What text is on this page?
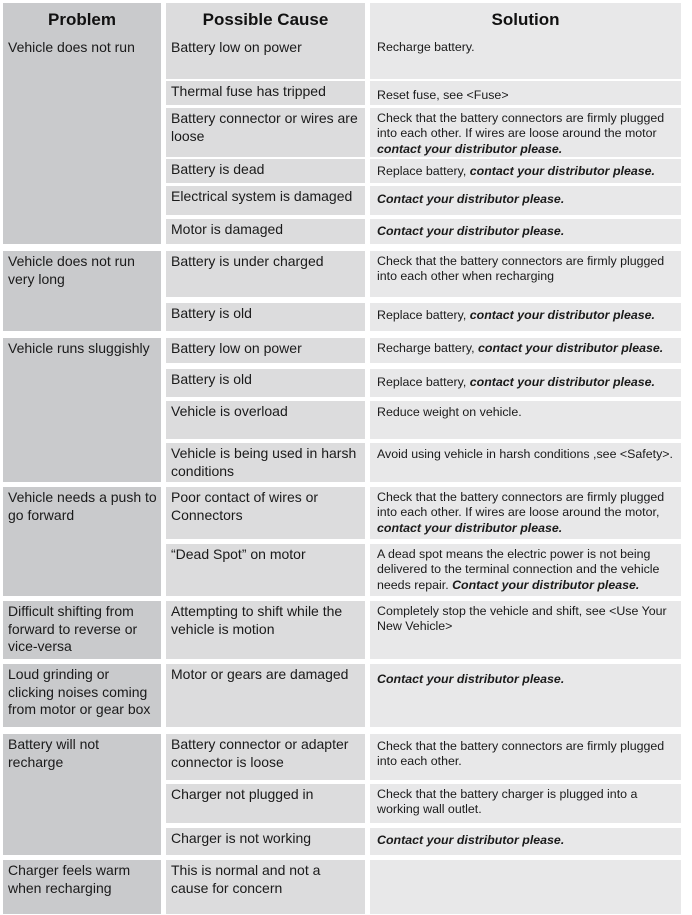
Problem	Possible Cause	Solution
Vehicle does not run
Vehicle does not run very long
Vehicle runs sluggishly
Vehicle needs a push to go forward
Difficult shifting from forward to reverse or vice-versa
Loud grinding or clicking noises coming from motor or gear box
Battery will not recharge
Charger feels warm when recharging
Battery low on power
Thermal fuse has tripped
Battery connector or wires are loose
Battery is dead
Electrical system is damaged
Motor is damaged
Battery is under charged
Battery is old
Battery low on power
Battery is old
Vehicle is overload
Vehicle is being used in harsh conditions
Poor contact of wires or Connectors
“Dead Spot” on motor
Attempting to shift while the vehicle is motion
Motor or gears are damaged
Battery connector or adapter connector is loose
Charger not plugged in
Charger is not working
This is normal and not a cause for concern
Recharge battery.
Reset fuse, see <Fuse>
Check that the battery connectors are firmly plugged into each other. If wires are loose around the motor
contact your distributor please.
Replace battery, contact your distributor please.
Contact your distributor please.
Contact your distributor please.
Check that the battery connectors are firmly plugged into each other when recharging
Replace battery, contact your distributor please.
Recharge battery, contact your distributor please.
Replace battery, contact your distributor please.
Reduce weight on vehicle.
Avoid using vehicle in harsh conditions ,see <Safety>.
Check that the battery connectors are firmly plugged into each other. If wires are loose around the motor,
contact your distributor please.
A dead spot means the electric power is not being delivered to the terminal connection and the vehicle needs repair. Contact your distributor please.
Completely stop the vehicle and shift, see <Use Your New Vehicle>
Contact your distributor please.
Check that the battery connectors are firmly plugged into each other.
Check that the battery charger is plugged into a working wall outlet.
Contact your distributor please.
